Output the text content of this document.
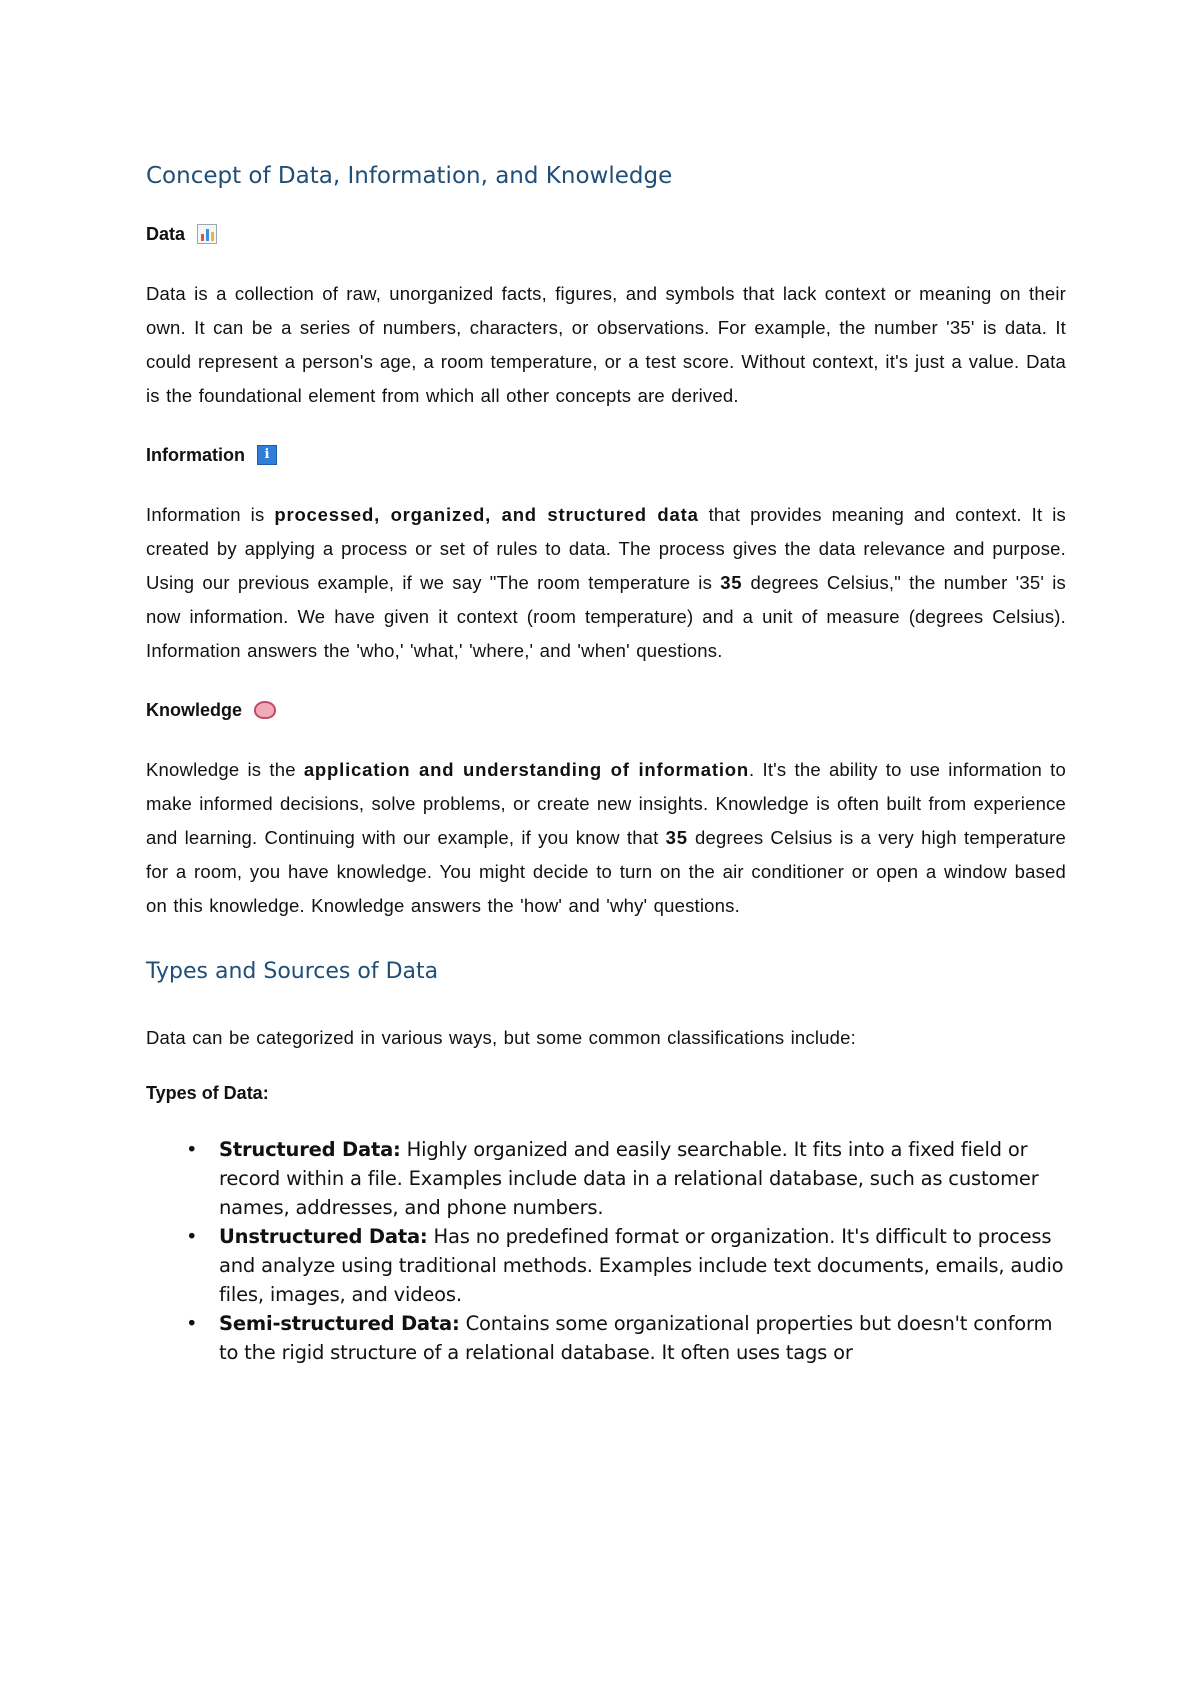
Concept of Data, Information, and Knowledge
Data

Data is a collection of raw, unorganized facts, figures, and symbols that lack context or meaning on their own. It can be a series of numbers, characters, or observations. For example, the number '35' is data. It could represent a person's age, a room temperature, or a test score. Without context, it's just a value. Data is the foundational element from which all other concepts are derived.

Information	i

Information is processed, organized, and structured data that provides meaning and context. It is created by applying a process or set of rules to data. The process gives the data relevance and purpose. Using our previous example, if we say "The room temperature is 35 degrees Celsius," the number '35' is now information. We have given it context (room temperature) and a unit of measure (degrees Celsius). Information answers the 'who,' 'what,' 'where,' and 'when' questions.

Knowledge

Knowledge is the application and understanding of information. It's the ability to use information to make informed decisions, solve problems, or create new insights. Knowledge is often built from experience and learning. Continuing with our example, if you know that 35 degrees Celsius is a very high temperature for a room, you have knowledge. You might decide to turn on the air conditioner or open a window based on this knowledge. Knowledge answers the 'how' and 'why' questions.

Types and Sources of Data

Data can be categorized in various ways, but some common classifications include:

Types of Data:
• Structured Data: Highly organized and easily searchable. It fits into a fixed field or record within a file. Examples include data in a relational database, such as customer names, addresses, and phone numbers.
• Unstructured Data: Has no predefined format or organization. It's difficult to process and analyze using traditional methods. Examples include text documents, emails, audio files, images, and videos.
• Semi-structured Data: Contains some organizational properties but doesn't conform to the rigid structure of a relational database. It often uses tags or
